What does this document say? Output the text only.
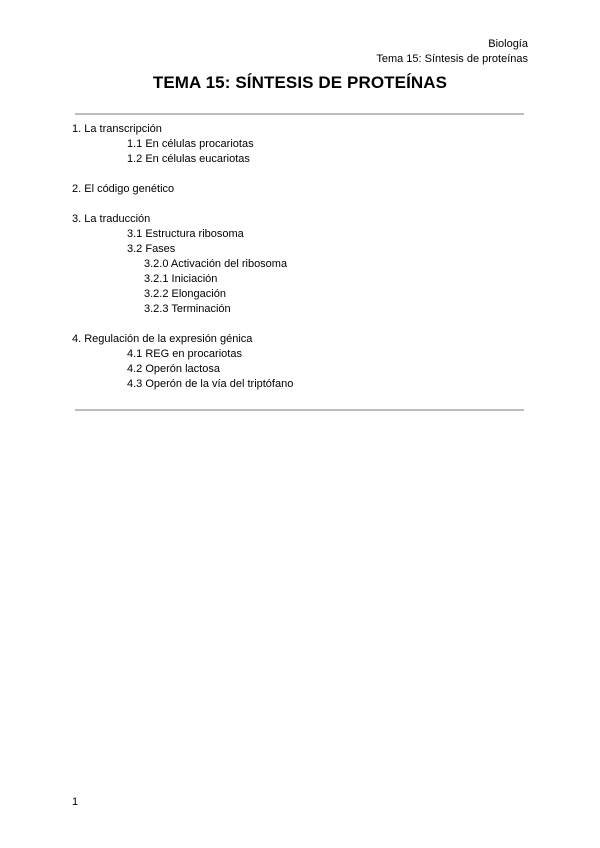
Biología
Tema 15: Síntesis de proteínas
TEMA 15: SÍNTESIS DE PROTEÍNAS
1. La transcripción
1.1 En células procariotas
1.2 En células eucariotas
2. El código genético
3. La traducción
3.1 Estructura ribosoma
3.2 Fases
3.2.0 Activación del ribosoma
3.2.1 Iniciación
3.2.2 Elongación
3.2.3 Terminación
4. Regulación de la expresión génica
4.1 REG en procariotas
4.2 Operón lactosa
4.3 Operón de la vía del triptófano
1
